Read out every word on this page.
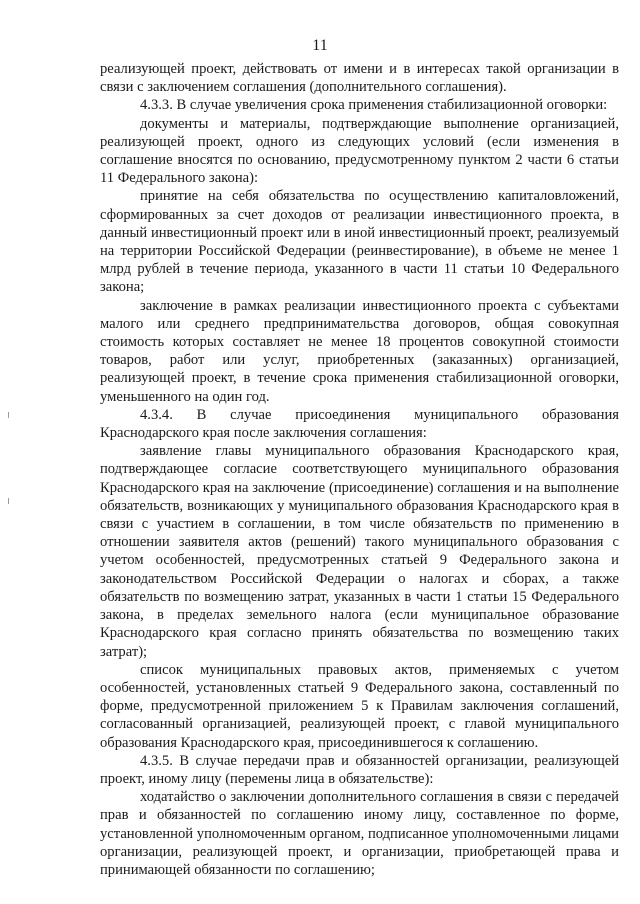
11

реализующей проект, действовать от имени и в интересах такой организации в связи с заключением соглашения (дополнительного соглашения).

4.3.3. В случае увеличения срока применения стабилизационной оговорки:

документы и материалы, подтверждающие выполнение организацией, реализующей проект, одного из следующих условий (если изменения в соглашение вносятся по основанию, предусмотренному пунктом 2 части 6 статьи 11 Федерального закона):

принятие на себя обязательства по осуществлению капиталовложений, сформированных за счет доходов от реализации инвестиционного проекта, в данный инвестиционный проект или в иной инвестиционный проект, реализуемый на территории Российской Федерации (реинвестирование), в объеме не менее 1 млрд рублей в течение периода, указанного в части 11 статьи 10 Федерального закона;

заключение в рамках реализации инвестиционного проекта с субъектами малого или среднего предпринимательства договоров, общая совокупная стоимость которых составляет не менее 18 процентов совокупной стоимости товаров, работ или услуг, приобретенных (заказанных) организацией, реализующей проект, в течение срока применения стабилизационной оговорки, уменьшенного на один год.

4.3.4. В случае присоединения муниципального образования Краснодарского края после заключения соглашения:

заявление главы муниципального образования Краснодарского края, подтверждающее согласие соответствующего муниципального образования Краснодарского края на заключение (присоединение) соглашения и на выполнение обязательств, возникающих у муниципального образования Краснодарского края в связи с участием в соглашении, в том числе обязательств по применению в отношении заявителя актов (решений) такого муниципального образования с учетом особенностей, предусмотренных статьей 9 Федерального закона и законодательством Российской Федерации о налогах и сборах, а также обязательств по возмещению затрат, указанных в части 1 статьи 15 Федерального закона, в пределах земельного налога (если муниципальное образование Краснодарского края согласно принять обязательства по возмещению таких затрат);

список муниципальных правовых актов, применяемых с учетом особенностей, установленных статьей 9 Федерального закона, составленный по форме, предусмотренной приложением 5 к Правилам заключения соглашений, согласованный организацией, реализующей проект, с главой муниципального образования Краснодарского края, присоединившегося к соглашению.

4.3.5. В случае передачи прав и обязанностей организации, реализующей проект, иному лицу (перемены лица в обязательстве):

ходатайство о заключении дополнительного соглашения в связи с передачей прав и обязанностей по соглашению иному лицу, составленное по форме, установленной уполномоченным органом, подписанное уполномоченными лицами организации, реализующей проект, и организации, приобретающей права и принимающей обязанности по соглашению;
